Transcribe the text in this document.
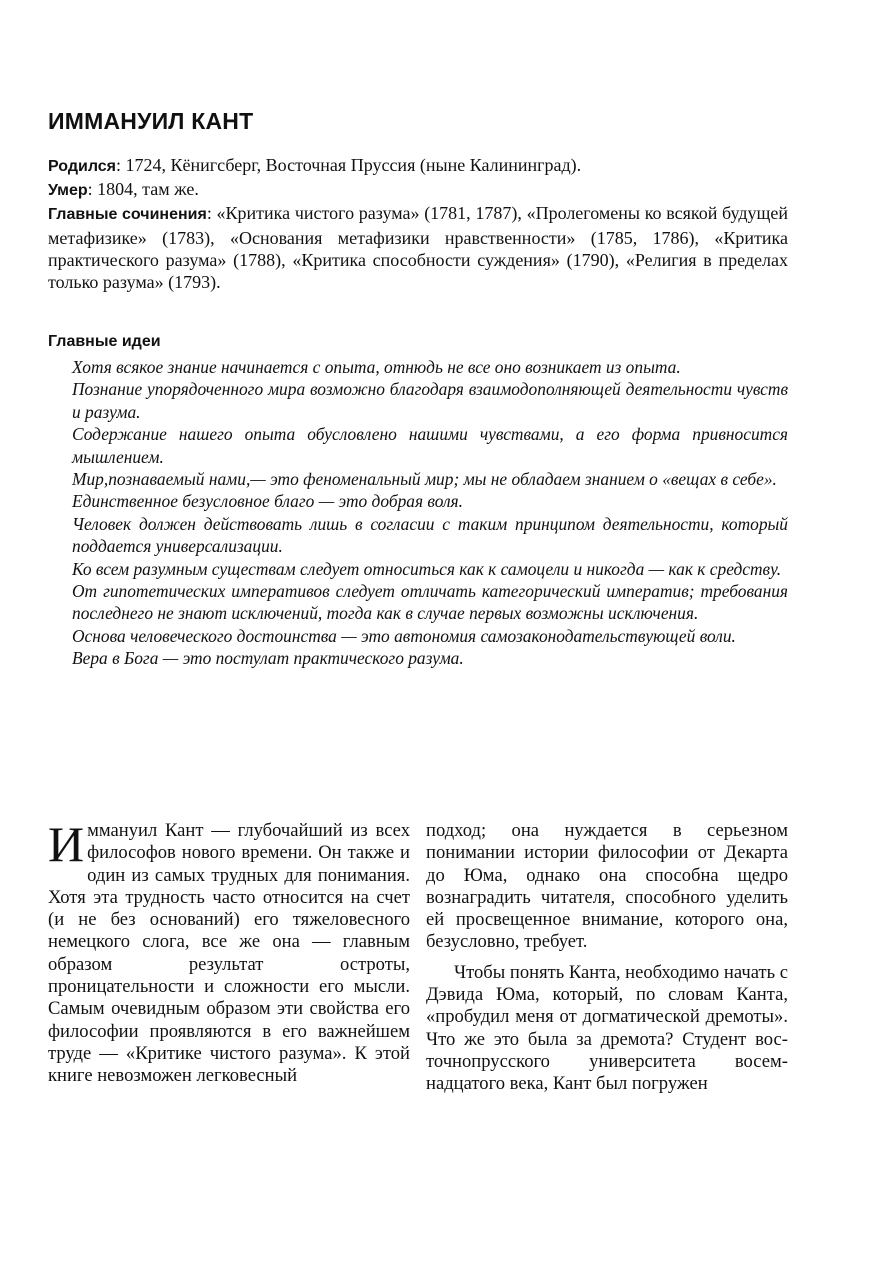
ИММАНУИЛ КАНТ

Родился: 1724, Кёнигсберг, Восточная Пруссия (ныне Калининград).

Умер: 1804, там же.

Главные сочинения: «Критика чистого разума» (1781, 1787), «Пролегомены ко всякой будущей метафизике» (1783), «Основания метафизики нравственности» (1785, 1786), «Критика практического разума» (1788), «Критика способности суждения» (1790), «Религия в пределах только разума» (1793).

Главные идеи
Хотя всякое знание начинается с опыта, отнюдь не все оно возникает из опыта.
Познание упорядоченного мира возможно благодаря взаимодополняющей деятельности чувств и разума.
Содержание нашего опыта обусловлено нашими чувствами, а его форма привносится мышлением.
Мир,познаваемый нами,— это феноменальный мир; мы не обладаем знанием о «вещах в себе».
Единственное безусловное благо — это добрая воля.
Человек должен действовать лишь в согласии с таким принципом деятельности, который поддается универсализации.
Ко всем разумным существам следует относиться как к самоцели и никогда — как к средству.
От гипотетических императивов следует отличать категорический императив; требования последнего не знают исключений, тогда как в случае первых возможны исключения.
Основа человеческого достоинства — это автономия самозаконодательствующей воли.
Вера в Бога — это постулат практического разума.

Иммануил Кант — глубочайший из всех философов нового времени. Он также и один из самых трудных для понимания. Хотя эта трудность часто относится на счет (и не без оснований) его тяжеловесного немецкого слога, все же она — главным образом результат остроты, проницательности и сложности его мысли. Самым очевидным образом эти свойства его философии проявляются в его важнейшем труде — «Критике чистого разума». К этой книге невозможен легковесный

подход; она нуждается в серьезном понимании истории философии от Декарта до Юма, однако она способна щедро вознаградить читателя, способного уделить ей просвещенное внимание, которого она, безусловно, требует.

Чтобы понять Канта, необходимо начать с Дэвида Юма, который, по словам Канта, «пробудил меня от догматической дремоты». Что же это была за дремота? Студент восточнопрусского университета восемнадцатого века, Кант был погружен
